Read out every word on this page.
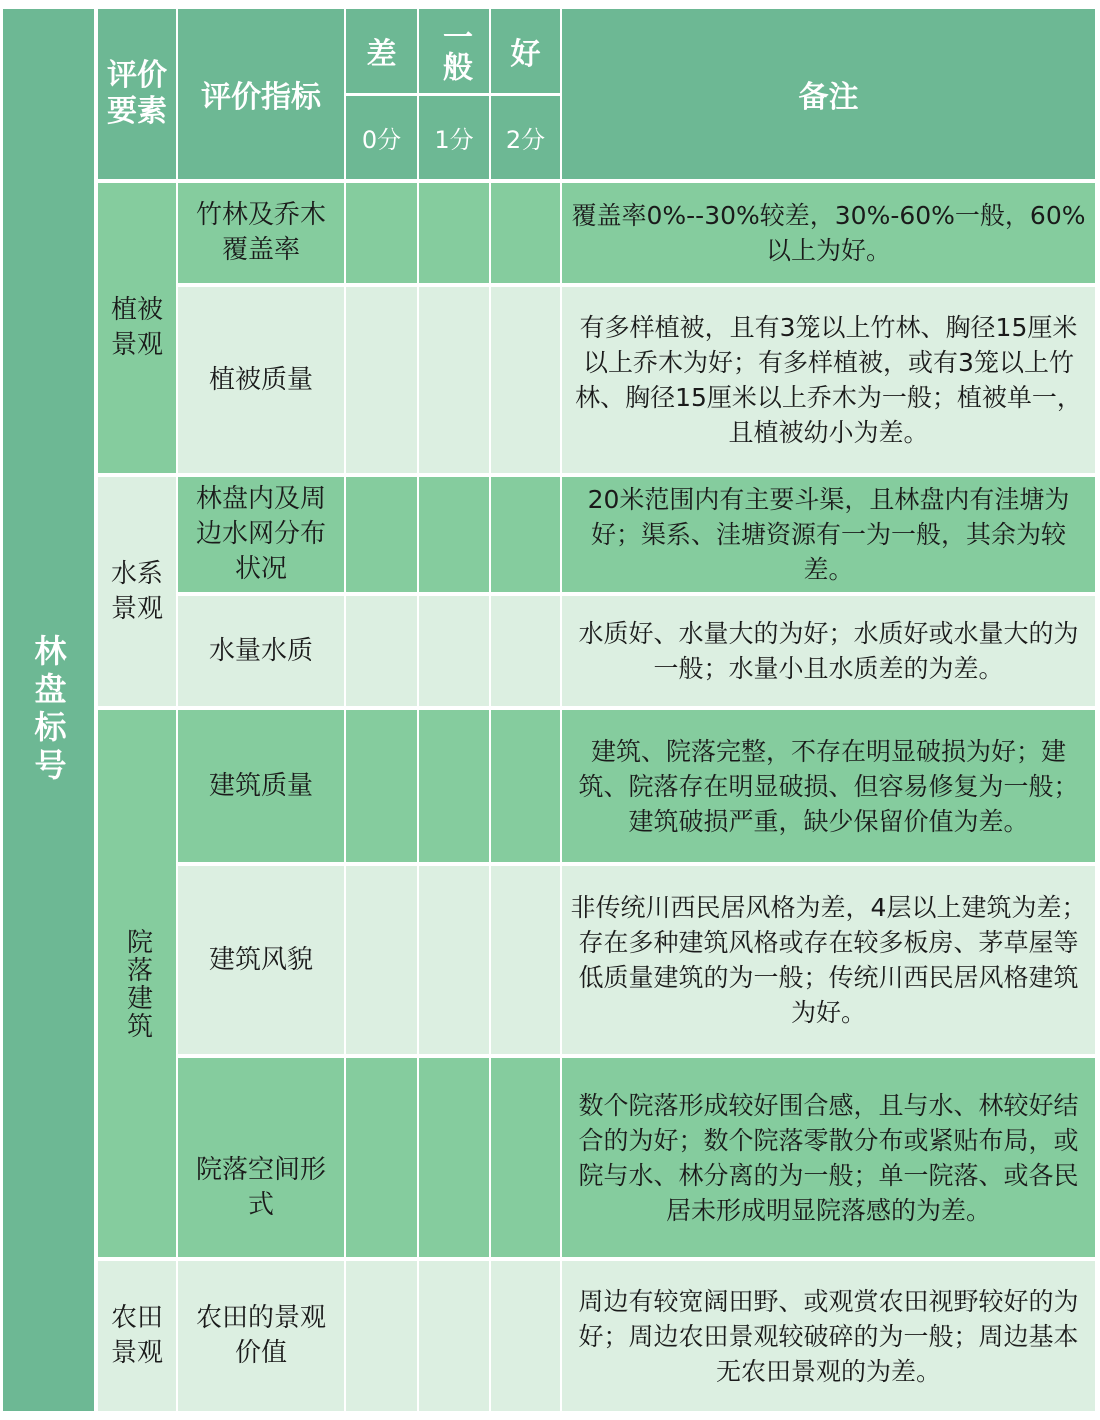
林盘标号
评价要素 评价指标
差 一般 好
0分 1分 2分
备注
植被景观
水系景观
院落建筑
农田景观
竹林及乔木覆盖率
覆盖率0%--30%较差，30%-60%一般，60%以上为好。
植被质量
有多样植被，且有3笼以上竹林、胸径15厘米以上乔木为好；有多样植被，或有3笼以上竹林、胸径15厘米以上乔木为一般；植被单一，且植被幼小为差。
林盘内及周边水网分布状况
20米范围内有主要斗渠，且林盘内有洼塘为好；渠系、洼塘资源有一为一般，其余为较差。
水量水质
水质好、水量大的为好；水质好或水量大的为一般；水量小且水质差的为差。
建筑质量
建筑、院落完整，不存在明显破损为好；建筑、院落存在明显破损、但容易修复为一般；建筑破损严重，缺少保留价值为差。
建筑风貌
非传统川西民居风格为差，4层以上建筑为差；存在多种建筑风格或存在较多板房、茅草屋等低质量建筑的为一般；传统川西民居风格建筑为好。
院落空间形式
数个院落形成较好围合感，且与水、林较好结合的为好；数个院落零散分布或紧贴布局，或院与水、林分离的为一般；单一院落、或各民居未形成明显院落感的为差。
农田的景观价值
周边有较宽阔田野、或观赏农田视野较好的为好；周边农田景观较破碎的为一般；周边基本无农田景观的为差。
